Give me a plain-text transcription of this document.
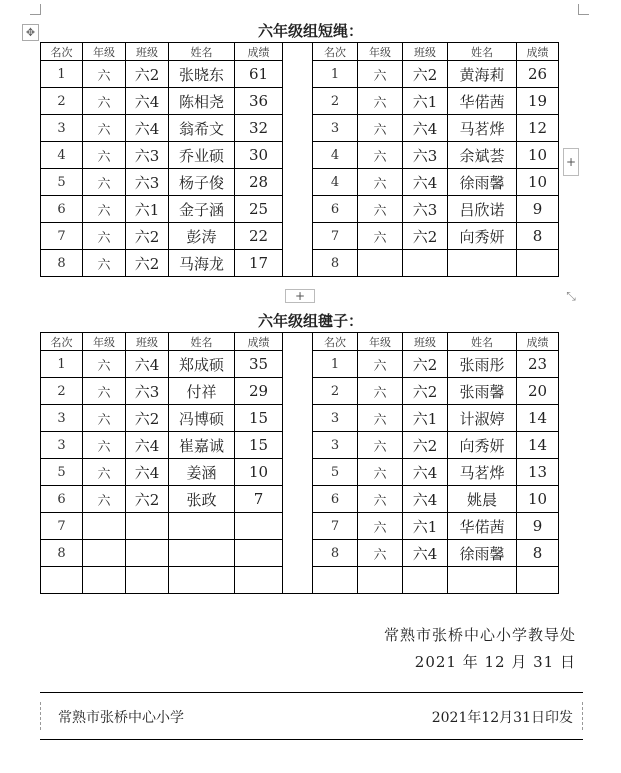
✥	六年级组短绳：
名次	年级	班级	姓名	成绩		名次	年级	班级	姓名	成绩
1	六	六2	张晓东	61		1	六	六2	黄海莉	26
2	六	六4	陈相尧	36		2	六	六1	华偌茜	19
3	六	六4	翁希文	32		3	六	六4	马茗烨	12
4	六	六3	乔业硕	30		4	六	六3	余斌荟	10
5	六	六3	杨子俊	28		4	六	六4	徐雨馨	10
6	六	六1	金子涵	25		6	六	六3	吕欣诺	9
7	六	六2	彭涛	22		7	六	六2	向秀妍	8
8	六	六2	马海龙	17		8				
+
+	⤡
六年级组毽子：
名次	年级	班级	姓名	成绩		名次	年级	班级	姓名	成绩
1	六	六4	郑成硕	35		1	六	六2	张雨彤	23
2	六	六3	付祥	29		2	六	六2	张雨馨	20
3	六	六2	冯博硕	15		3	六	六1	计淑婷	14
3	六	六4	崔嘉诚	15		3	六	六2	向秀妍	14
5	六	六4	姜涵	10		5	六	六4	马茗烨	13
6	六	六2	张政	7		6	六	六4	姚晨	10
7						7	六	六1	华偌茜	9
8						8	六	六4	徐雨馨	8

常熟市张桥中心小学教导处
2021 年 12 月 31 日
常熟市张桥中心小学	2021年12月31日印发
